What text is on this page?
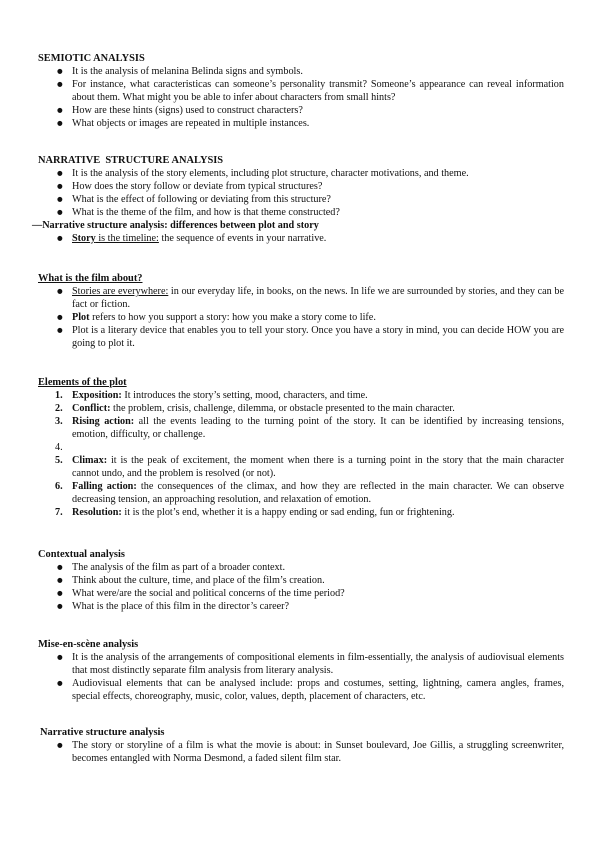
SEMIOTIC ANALYSIS
● It is the analysis of melanina Belinda signs and symbols.
● For instance, what caracteristicas can someone’s personality transmit? Someone’s appearance can reveal information about them. What might you be able to infer about characters from small hints?
● How are these hints (signs) used to construct characters?
● What objects or images are repeated in multiple instances.
NARRATIVE  STRUCTURE ANALYSIS
● It is the analysis of the story elements, including plot structure, character motivations, and theme.
● How does the story follow or deviate from typical structures?
● What is the effect of following or deviating from this structure?
● What is the theme of the film, and how is that theme constructed?

—Narrative structure analysis: differences between plot and story

● Story is the timeline: the sequence of events in your narrative.
What is the film about?
● Stories are everywhere: in our everyday life, in books, on the news. In life we are surrounded by stories, and they can be fact or fiction.
● Plot refers to how you support a story: how you make a story come to life.
● Plot is a literary device that enables you to tell your story. Once you have a story in mind, you can decide HOW you are going to plot it.
Elements of the plot
1. Exposition: It introduces the story’s setting, mood, characters, and time.
2. Conflict: the problem, crisis, challenge, dilemma, or obstacle presented to the main character.
3. Rising action: all the events leading to the turning point of the story. It can be identified by increasing tensions, emotion, difficulty, or challenge.
4.
5. Climax: it is the peak of excitement, the moment when there is a turning point in the story that the main character cannot undo, and the problem is resolved (or not).
6. Falling action: the consequences of the climax, and how they are reflected in the main character. We can observe decreasing tension, an approaching resolution, and relaxation of emotion.
7. Resolution: it is the plot’s end, whether it is a happy ending or sad ending, fun or frightening.
Contextual analysis
● The analysis of the film as part of a broader context.
● Think about the culture, time, and place of the film’s creation.
● What were/are the social and political concerns of the time period?
● What is the place of this film in the director’s career?
Mise-en-scène analysis
● It is the analysis of the arrangements of compositional elements in film-essentially, the analysis of audiovisual elements that most distinctly separate film analysis from literary analysis.
● Audiovisual elements that can be analysed include: props and costumes, setting, lightning, camera angles, frames, special effects, choreography, music, color, values, depth, placement of characters, etc.
Narrative structure analysis
● The story or storyline of a film is what the movie is about: in Sunset boulevard, Joe Gillis, a struggling screenwriter, becomes entangled with Norma Desmond, a faded silent film star.
